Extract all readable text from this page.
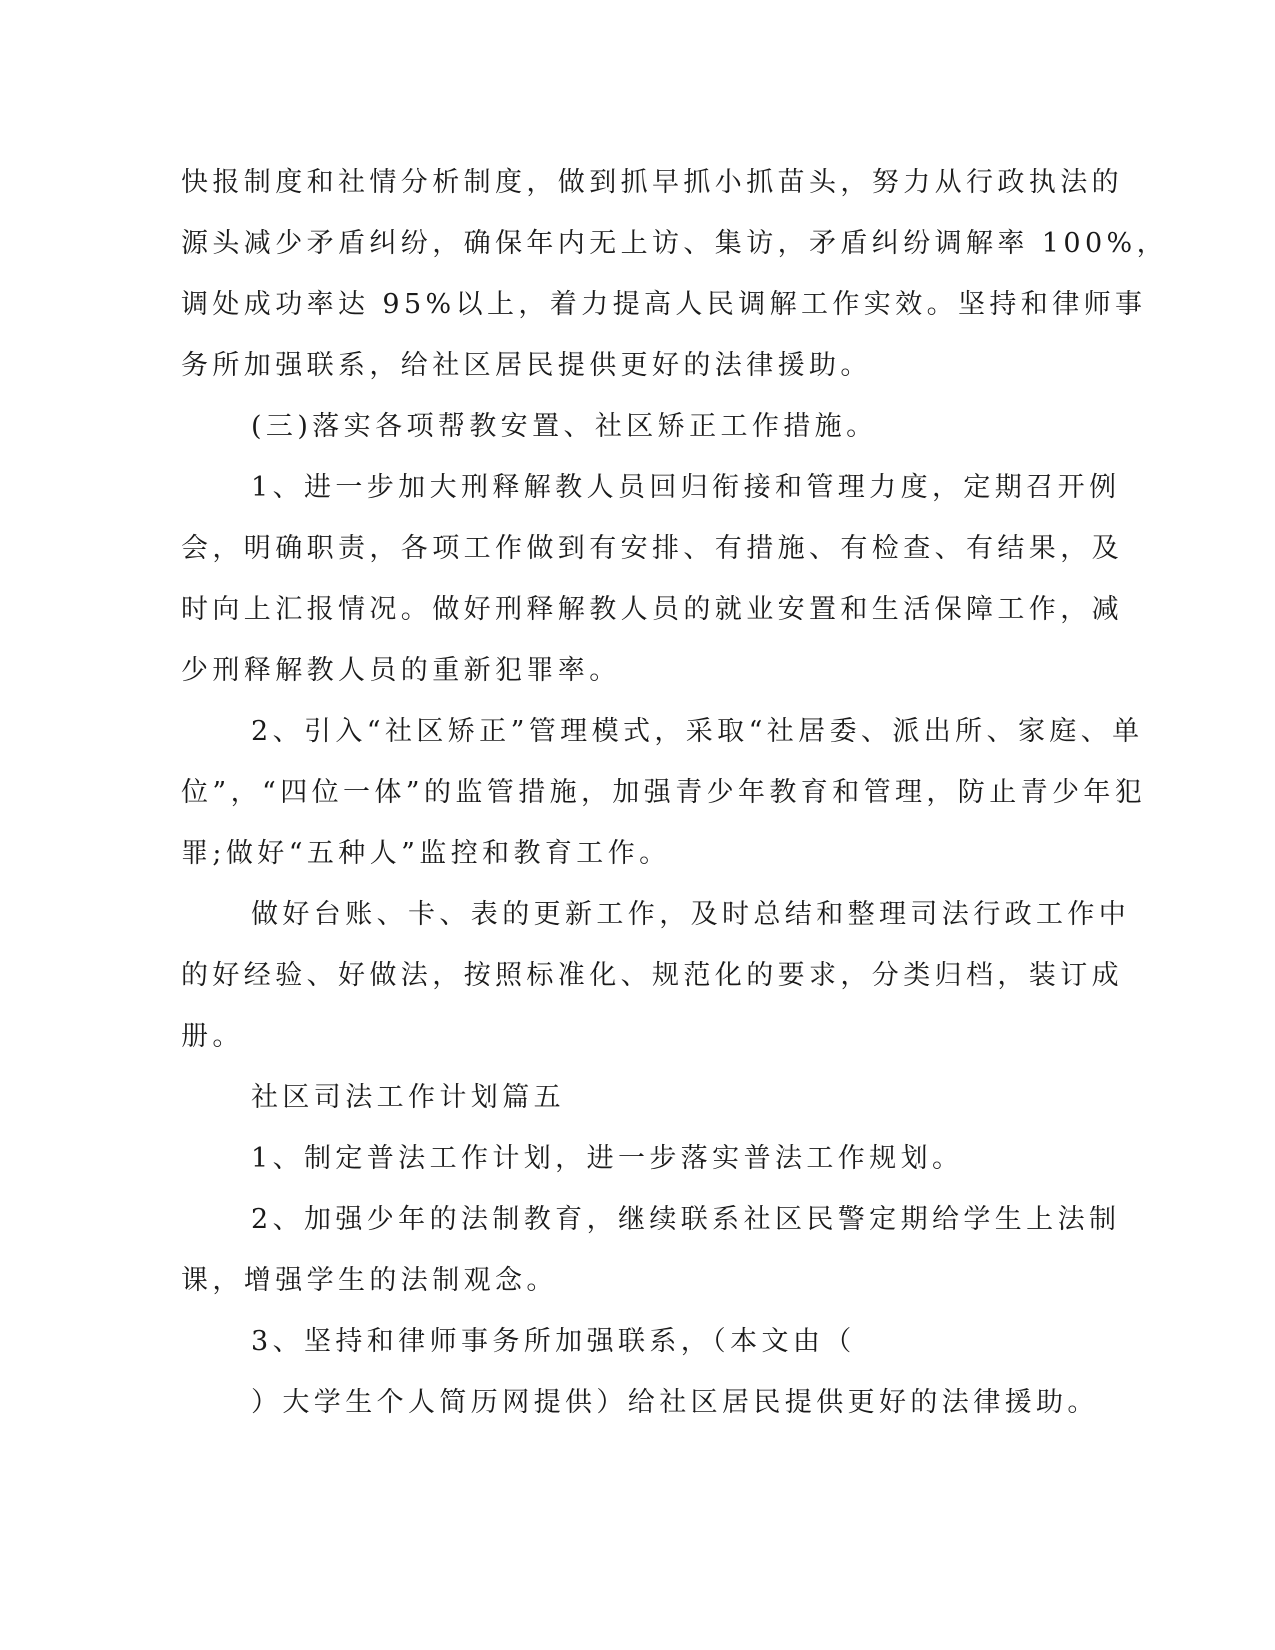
快报制度和社情分析制度，做到抓早抓小抓苗头，努力从行政执法的
源头减少矛盾纠纷，确保年内无上访、集访，矛盾纠纷调解率 100%，
调处成功率达 95%以上，着力提高人民调解工作实效。坚持和律师事
务所加强联系，给社区居民提供更好的法律援助。

(三)落实各项帮教安置、社区矫正工作措施。

1、进一步加大刑释解教人员回归衔接和管理力度，定期召开例
会，明确职责，各项工作做到有安排、有措施、有检查、有结果，及
时向上汇报情况。做好刑释解教人员的就业安置和生活保障工作，减
少刑释解教人员的重新犯罪率。

2、引入“社区矫正”管理模式，采取“社居委、派出所、家庭、单
位”，“四位一体”的监管措施，加强青少年教育和管理，防止青少年犯
罪;做好“五种人”监控和教育工作。

做好台账、卡、表的更新工作，及时总结和整理司法行政工作中
的好经验、好做法，按照标准化、规范化的要求，分类归档，装订成
册。

社区司法工作计划篇五

1、制定普法工作计划，进一步落实普法工作规划。

2、加强少年的法制教育，继续联系社区民警定期给学生上法制
课，增强学生的法制观念。

3、坚持和律师事务所加强联系，（本文由（

）大学生个人简历网提供）给社区居民提供更好的法律援助。
